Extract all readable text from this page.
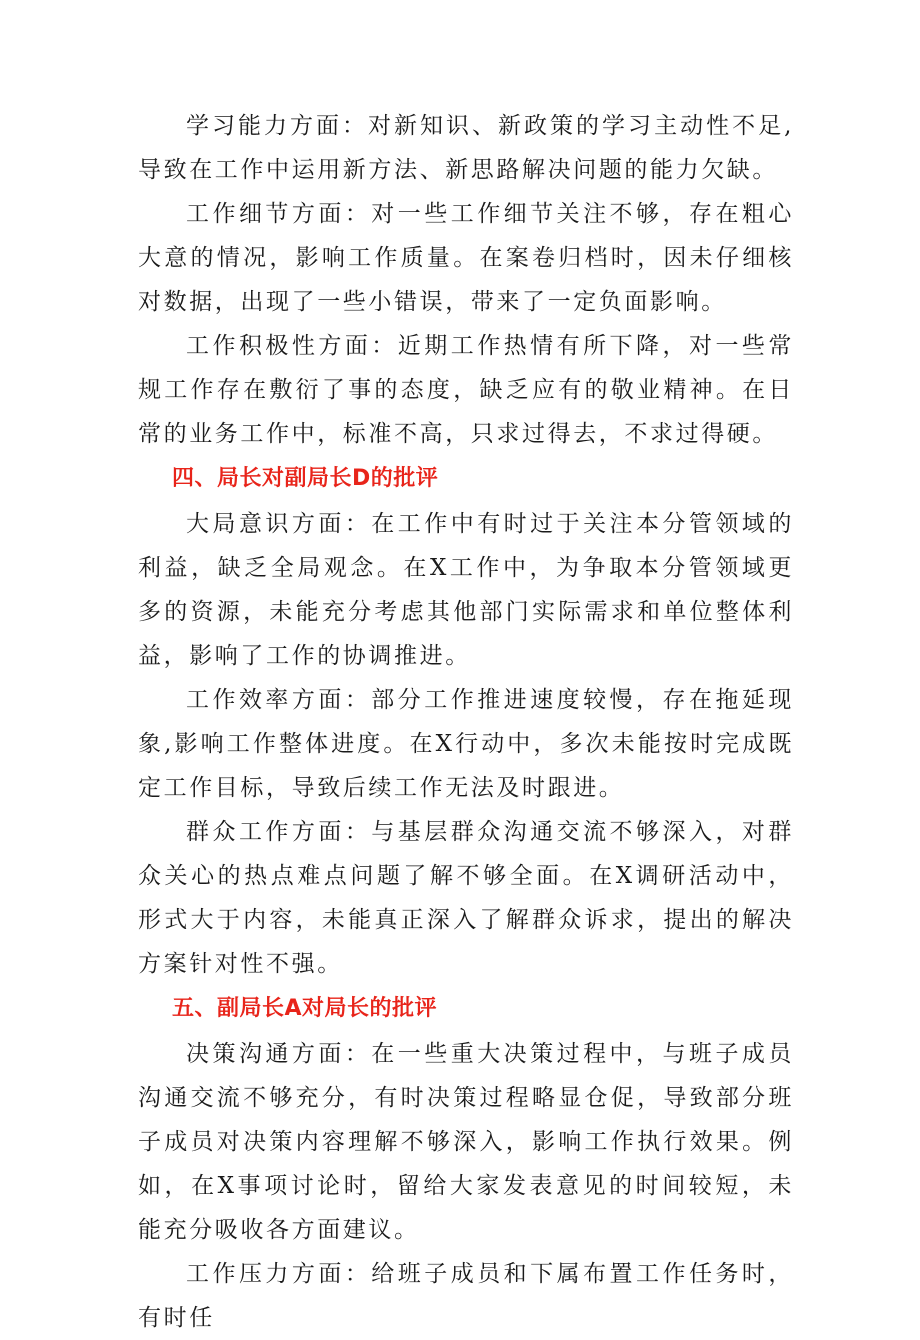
学习能力方面：对新知识、新政策的学习主动性不足,导致在工作中运用新方法、新思路解决问题的能力欠缺。

工作细节方面：对一些工作细节关注不够，存在粗心大意的情况，影响工作质量。在案卷归档时，因未仔细核对数据，出现了一些小错误，带来了一定负面影响。

工作积极性方面：近期工作热情有所下降，对一些常规工作存在敷衍了事的态度，缺乏应有的敬业精神。在日常的业务工作中，标准不高，只求过得去，不求过得硬。

四、局长对副局长D的批评

大局意识方面：在工作中有时过于关注本分管领域的利益，缺乏全局观念。在X工作中，为争取本分管领域更多的资源，未能充分考虑其他部门实际需求和单位整体利益，影响了工作的协调推进。

工作效率方面：部分工作推进速度较慢，存在拖延现象,影响工作整体进度。在X行动中，多次未能按时完成既定工作目标，导致后续工作无法及时跟进。

群众工作方面：与基层群众沟通交流不够深入，对群众关心的热点难点问题了解不够全面。在X调研活动中，形式大于内容，未能真正深入了解群众诉求，提出的解决方案针对性不强。

五、副局长A对局长的批评

决策沟通方面：在一些重大决策过程中，与班子成员沟通交流不够充分，有时决策过程略显仓促，导致部分班子成员对决策内容理解不够深入，影响工作执行效果。例如，在X事项讨论时，留给大家发表意见的时间较短，未能充分吸收各方面建议。

工作压力方面：给班子成员和下属布置工作任务时，有时任
